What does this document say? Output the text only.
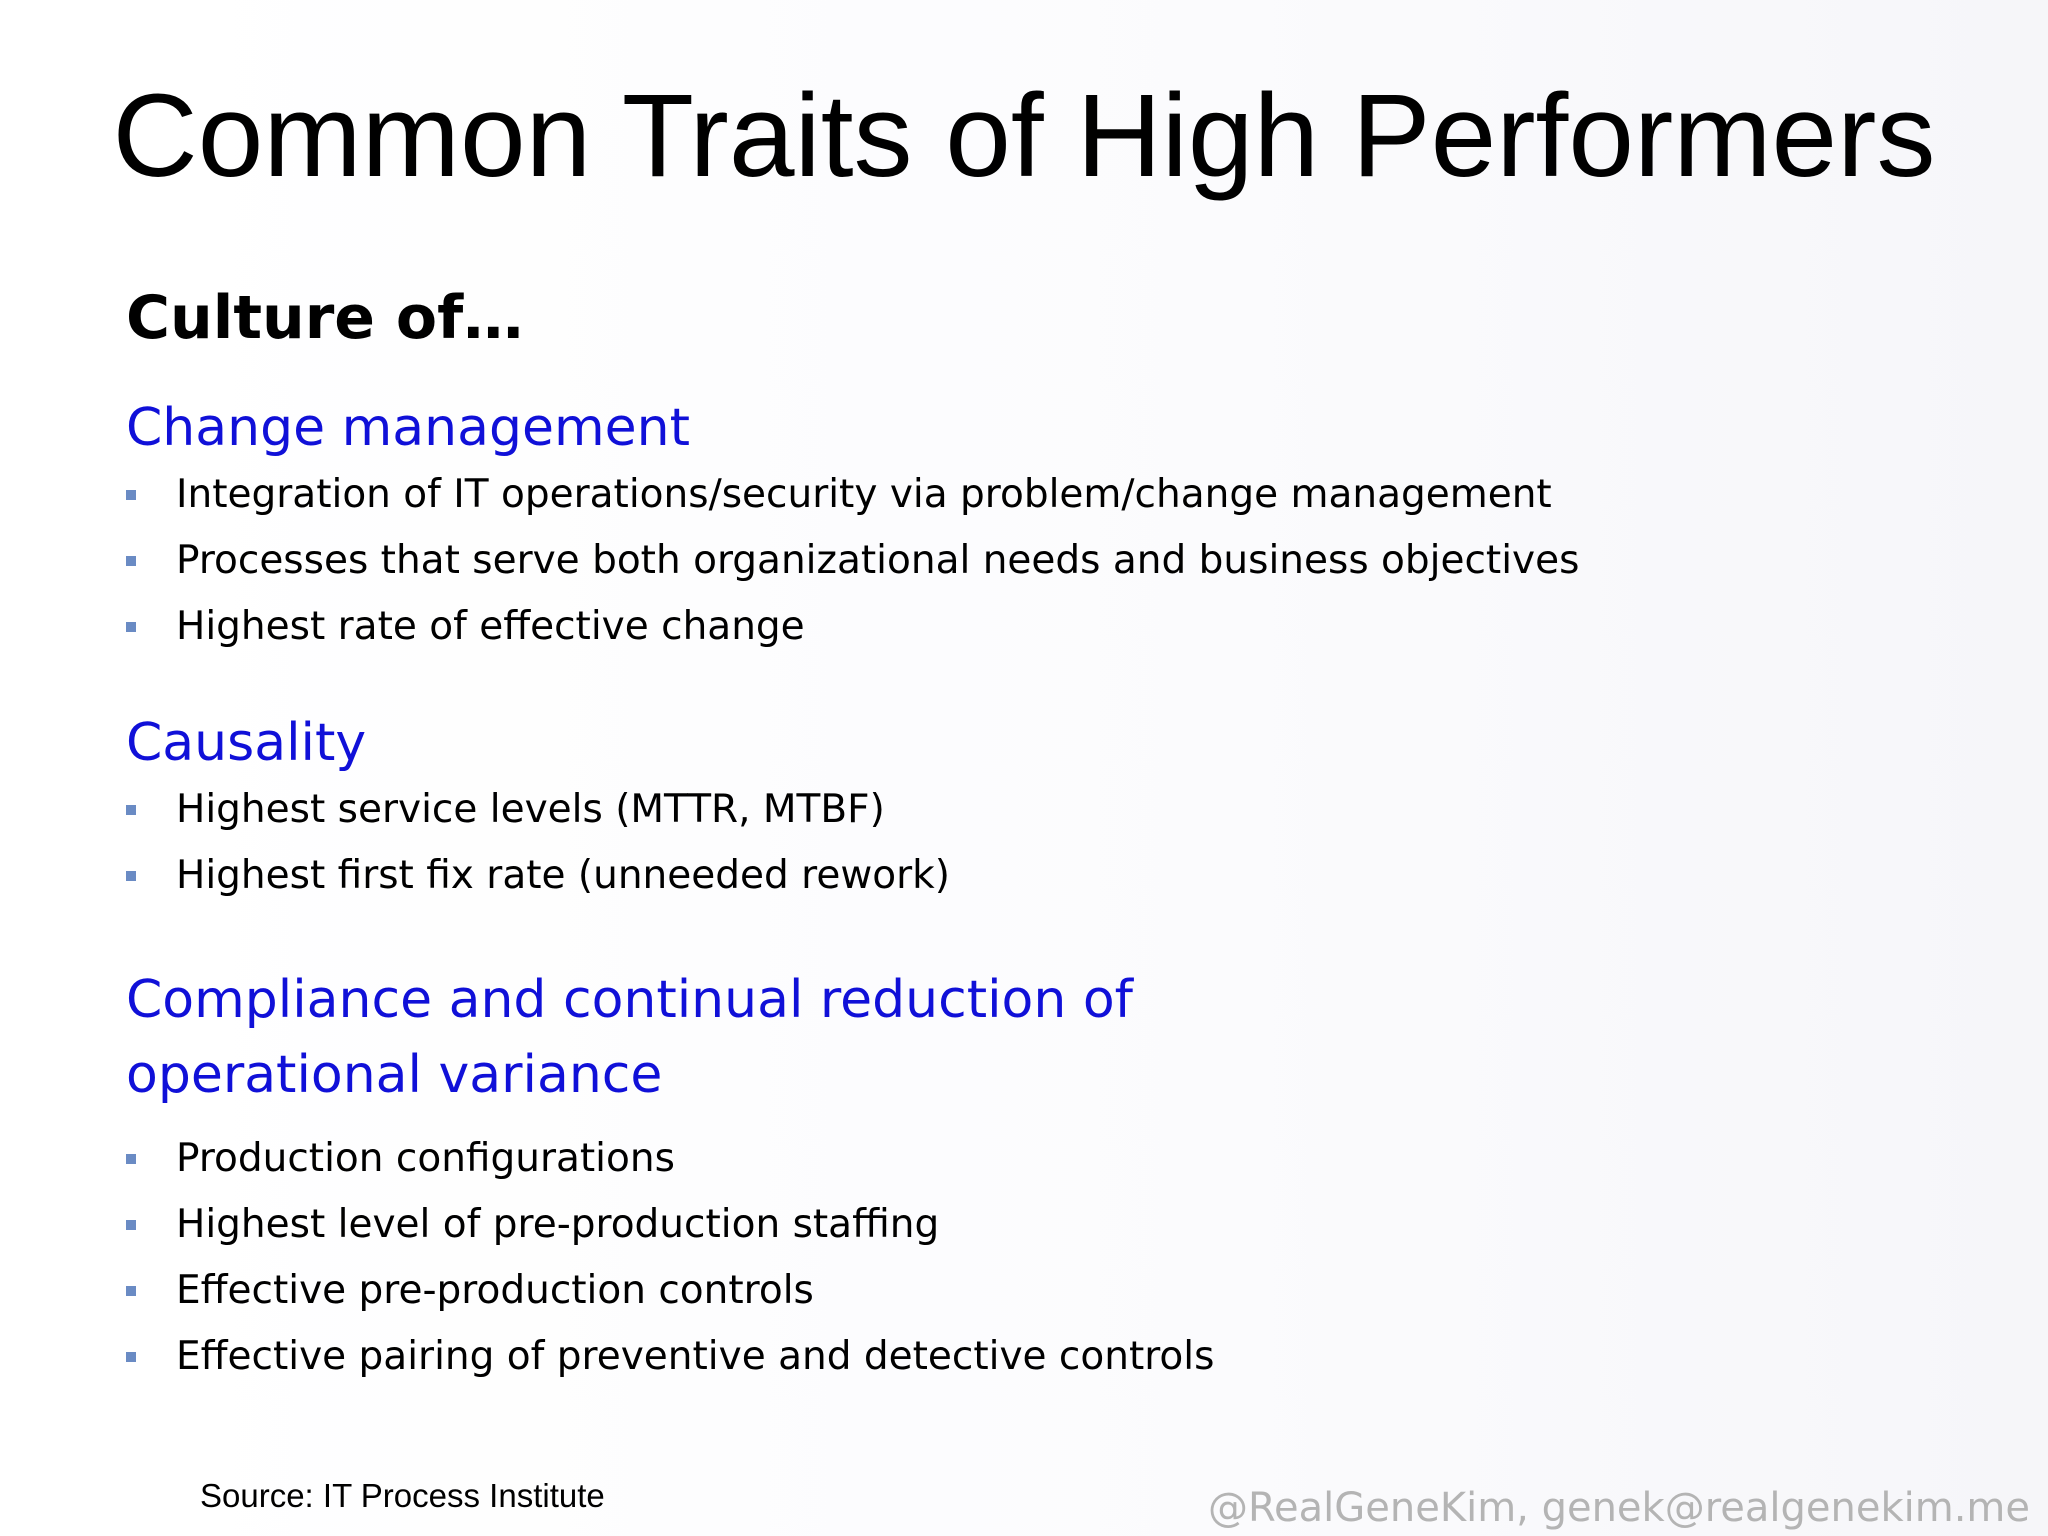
Common Traits of High Performers
Culture of…
Change management
Integration of IT operations/security via problem/change management
Processes that serve both organizational needs and business objectives
Highest rate of effective change
Causality
Highest service levels (MTTR, MTBF)
Highest first fix rate (unneeded rework)
Compliance and continual reduction of
operational variance
Production configurations
Highest level of pre-production staffing
Effective pre-production controls
Effective pairing of preventive and detective controls
Source: IT Process Institute	@RealGeneKim, genek@realgenekim.me
